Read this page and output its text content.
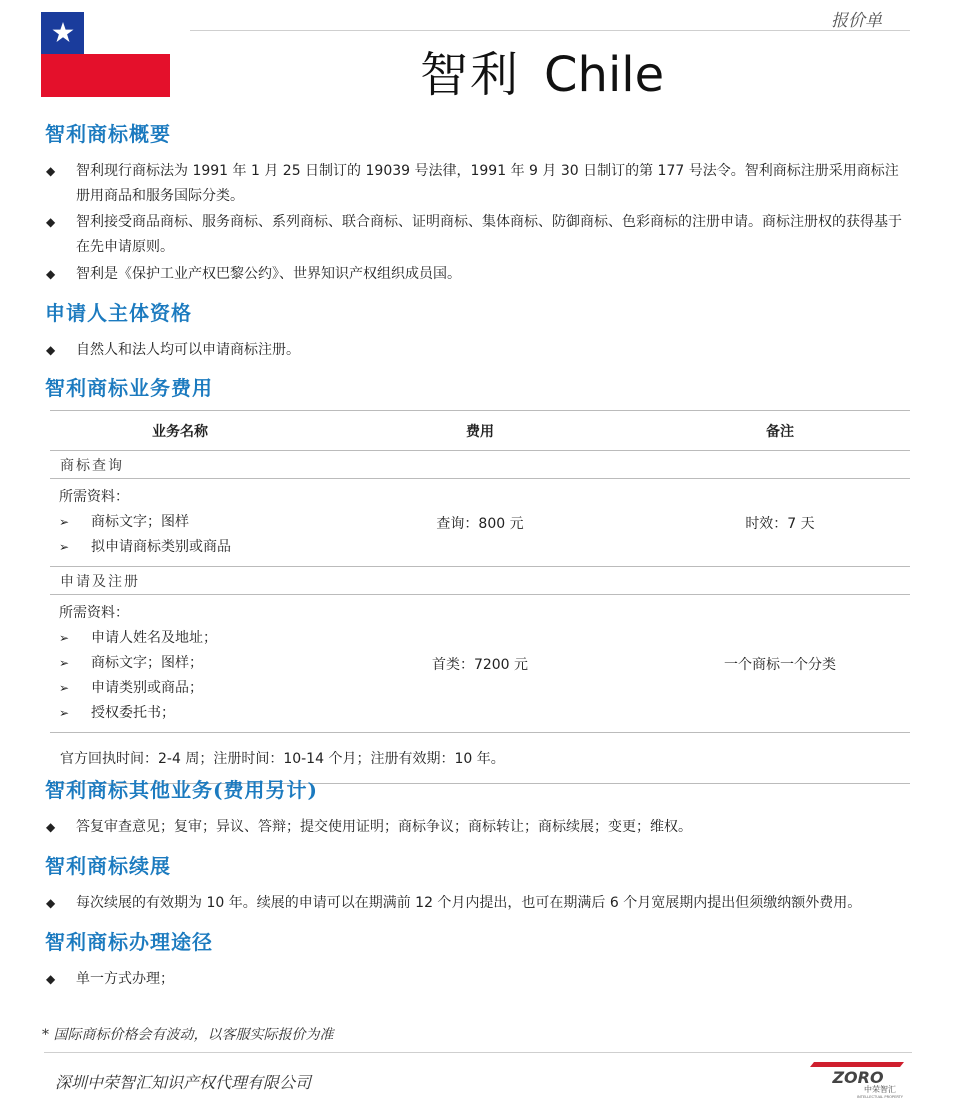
报价单
智利 Chile
智利商标概要
◆	智利现行商标法为 1991 年 1 月 25 日制订的 19039 号法律，1991 年 9 月 30 日制订的第 177 号法令。智利商标注册采用商标注册用商品和服务国际分类。
◆	智利接受商品商标、服务商标、系列商标、联合商标、证明商标、集体商标、防御商标、色彩商标的注册申请。商标注册权的获得基于在先申请原则。
◆	智利是《保护工业产权巴黎公约》、世界知识产权组织成员国。
申请人主体资格
◆	自然人和法人均可以申请商标注册。
智利商标业务费用
业务名称	费用	备注
商标查询		

所需资料：
➢ 商标文字；图样
➢ 拟申请商标类别或商品	查询：800 元	时效：7 天
申请及注册		

所需资料：
➢ 申请人姓名及地址；
➢ 商标文字；图样；
➢ 申请类别或商品；
➢ 授权委托书；	首类：7200 元	一个商标一个分类
官方回执时间：2-4 周；注册时间：10-14 个月；注册有效期：10 年。		
智利商标其他业务(费用另计)
◆	答复审查意见；复审；异议、答辩；提交使用证明；商标争议；商标转让；商标续展；变更；维权。
智利商标续展
◆	每次续展的有效期为 10 年。续展的申请可以在期满前 12 个月内提出，也可在期满后 6 个月宽展期内提出但须缴纳额外费用。
智利商标办理途径
◆	单一方式办理；
* 国际商标价格会有波动，以客服实际报价为准
深圳中荣智汇知识产权代理有限公司	ZORO
中荣智汇
INTELLECTUAL PROPERTY
